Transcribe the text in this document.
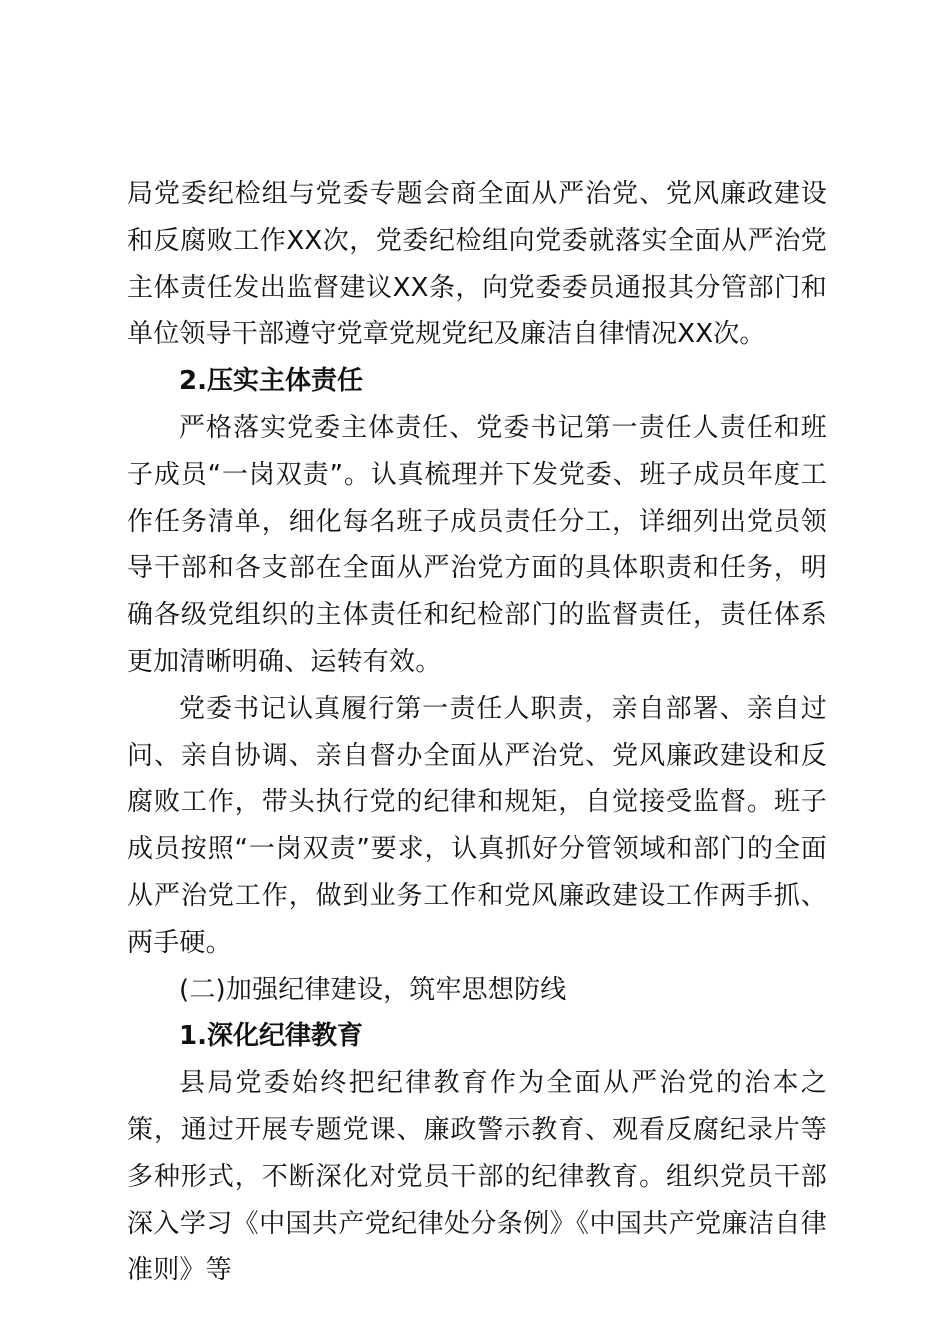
局党委纪检组与党委专题会商全面从严治党、党风廉政建设和反腐败工作XX次，党委纪检组向党委就落实全面从严治党主体责任发出监督建议XX条，向党委委员通报其分管部门和单位领导干部遵守党章党规党纪及廉洁自律情况XX次。

2.压实主体责任

严格落实党委主体责任、党委书记第一责任人责任和班子成员“一岗双责”。认真梳理并下发党委、班子成员年度工作任务清单，细化每名班子成员责任分工，详细列出党员领导干部和各支部在全面从严治党方面的具体职责和任务，明确各级党组织的主体责任和纪检部门的监督责任，责任体系更加清晰明确、运转有效。

党委书记认真履行第一责任人职责，亲自部署、亲自过问、亲自协调、亲自督办全面从严治党、党风廉政建设和反腐败工作，带头执行党的纪律和规矩，自觉接受监督。班子成员按照“一岗双责”要求，认真抓好分管领域和部门的全面从严治党工作，做到业务工作和党风廉政建设工作两手抓、两手硬。

(二)加强纪律建设，筑牢思想防线

1.深化纪律教育

县局党委始终把纪律教育作为全面从严治党的治本之策，通过开展专题党课、廉政警示教育、观看反腐纪录片等多种形式，不断深化对党员干部的纪律教育。组织党员干部深入学习《中国共产党纪律处分条例》《中国共产党廉洁自律准则》等
